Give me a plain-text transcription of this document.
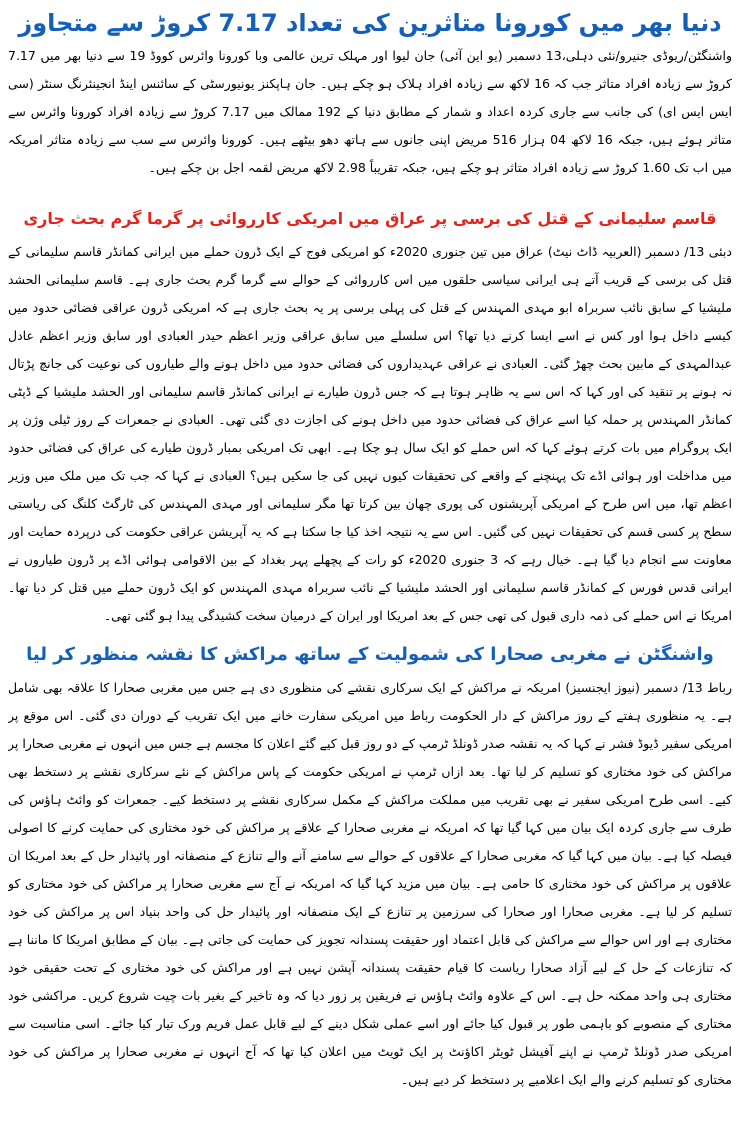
دنیا بھر میں کورونا متاثرین کی تعداد 7.17 کروڑ سے متجاوز

واشنگٹن/ریوڈی جنیرو/نئی دہلی،13 دسمبر (یو این آئی) جان لیوا اور مہلک ترین عالمی وبا کورونا وائرس کووڈ 19 سے دنیا بھر میں 7.17 کروڑ سے زیادہ افراد متاثر جب کہ 16 لاکھ سے زیادہ افراد ہلاک ہو چکے ہیں۔ جان ہاپکنز یونیورسٹی کے سائنس اینڈ انجینئرنگ سنٹر (سی ایس ایس ای) کی جانب سے جاری کردہ اعداد و شمار کے مطابق دنیا کے 192 ممالک میں 7.17 کروڑ سے زیادہ افراد کورونا وائرس سے متاثر ہوئے ہیں، جبکہ 16 لاکھ 04 ہزار 516 مریض اپنی جانوں سے ہاتھ دھو بیٹھے ہیں۔ کورونا وائرس سے سب سے زیادہ متاثر امریکہ میں اب تک 1.60 کروڑ سے زیادہ افراد متاثر ہو چکے ہیں، جبکہ تقریباً 2.98 لاکھ مریض لقمہ اجل بن چکے ہیں۔

قاسم سلیمانی کے قتل کی برسی پر عراق میں امریکی کارروائی پر گرما گرم بحث جاری

دبئی 13/ دسمبر (العربیہ ڈاٹ نیٹ) عراق میں تین جنوری 2020ء کو امریکی فوج کے ایک ڈرون حملے میں ایرانی کمانڈر قاسم سلیمانی کے قتل کی برسی کے قریب آتے ہی ایرانی سیاسی حلقوں میں اس کارروائی کے حوالے سے گرما گرم بحث جاری ہے۔ قاسم سلیمانی الحشد ملیشیا کے سابق نائب سربراہ ابو مہدی المہندس کے قتل کی پہلی برسی پر یہ بحث جاری ہے کہ امریکی ڈرون عراقی فضائی حدود میں کیسے داخل ہوا اور کس نے اسے ایسا کرنے دیا تھا؟ اس سلسلے میں سابق عراقی وزیر اعظم حیدر العبادی اور سابق وزیر اعظم عادل عبدالمہدی کے مابین بحث چھڑ گئی۔ العبادی نے عراقی عہدیداروں کی فضائی حدود میں داخل ہونے والے طیاروں کی نوعیت کی جانچ پڑتال نہ ہونے پر تنقید کی اور کہا کہ اس سے یہ ظاہر ہوتا ہے کہ جس ڈرون طیارے نے ایرانی کمانڈر قاسم سلیمانی اور الحشد ملیشیا کے ڈپٹی کمانڈر المہندس پر حملہ کیا اسے عراق کی فضائی حدود میں داخل ہونے کی اجازت دی گئی تھی۔ العبادی نے جمعرات کے روز ٹیلی وژن پر ایک پروگرام میں بات کرتے ہوئے کہا کہ اس حملے کو ایک سال ہو چکا ہے۔ ابھی تک امریکی بمبار ڈرون طیارے کی عراق کی فضائی حدود میں مداخلت اور ہوائی اڈے تک پہنچنے کے واقعے کی تحقیقات کیوں نہیں کی جا سکیں ہیں؟ العبادی نے کہا کہ جب تک میں ملک میں وزیر اعظم تھا، میں اس طرح کے امریکی آپریشنوں کی پوری چھان بین کرتا تھا مگر سلیمانی اور مہدی المہندس کی ٹارگٹ کلنگ کی ریاستی سطح پر کسی قسم کی تحقیقات نہیں کی گئیں۔ اس سے یہ نتیجہ اخذ کیا جا سکتا ہے کہ یہ آپریشن عراقی حکومت کی درپردہ حمایت اور معاونت سے انجام دیا گیا ہے۔ خیال رہے کہ 3 جنوری 2020ء کو رات کے پچھلے پہر بغداد کے بین الاقوامی ہوائی اڈے پر ڈرون طیاروں نے ایرانی قدس فورس کے کمانڈر قاسم سلیمانی اور الحشد ملیشیا کے نائب سربراہ مہدی المہندس کو ایک ڈرون حملے میں قتل کر دیا تھا۔ امریکا نے اس حملے کی ذمہ داری قبول کی تھی جس کے بعد امریکا اور ایران کے درمیان سخت کشیدگی پیدا ہو گئی تھی۔

واشنگٹن نے مغربی صحارا کی شمولیت کے ساتھ مراکش کا نقشہ منظور کر لیا

رباط 13/ دسمبر (نیوز ایجنسیز) امریکہ نے مراکش کے ایک سرکاری نقشے کی منظوری دی ہے جس میں مغربی صحارا کا علاقہ بھی شامل ہے۔ یہ منظوری ہفتے کے روز مراکش کے دار الحکومت رباط میں امریکی سفارت خانے میں ایک تقریب کے دوران دی گئی۔ اس موقع پر امریکی سفیر ڈیوڈ فشر نے کہا کہ یہ نقشہ صدر ڈونلڈ ٹرمپ کے دو روز قبل کیے گئے اعلان کا مجسم ہے جس میں انہوں نے مغربی صحارا پر مراکش کی خود مختاری کو تسلیم کر لیا تھا۔ بعد ازاں ٹرمپ نے امریکی حکومت کے پاس مراکش کے نئے سرکاری نقشے پر دستخط بھی کیے۔ اسی طرح امریکی سفیر نے بھی تقریب میں مملکت مراکش کے مکمل سرکاری نقشے پر دستخط کیے۔ جمعرات کو وائٹ ہاؤس کی طرف سے جاری کردہ ایک بیان میں کہا گیا تھا کہ امریکہ نے مغربی صحارا کے علاقے پر مراکش کی خود مختاری کی حمایت کرنے کا اصولی فیصلہ کیا ہے۔ بیان میں کہا گیا کہ مغربی صحارا کے علاقوں کے حوالے سے سامنے آنے والے تنازع کے منصفانہ اور پائیدار حل کے بعد امریکا ان علاقوں پر مراکش کی خود مختاری کا حامی ہے۔ بیان میں مزید کہا گیا کہ امریکہ نے آج سے مغربی صحارا پر مراکش کی خود مختاری کو تسلیم کر لیا ہے۔ مغربی صحارا اور صحارا کی سرزمین پر تنازع کے ایک منصفانہ اور پائیدار حل کی واحد بنیاد اس پر مراکش کی خود مختاری ہے اور اس حوالے سے مراکش کی قابل اعتماد اور حقیقت پسندانہ تجویز کی حمایت کی جاتی ہے۔ بیان کے مطابق امریکا کا ماننا ہے کہ تنازعات کے حل کے لیے آزاد صحارا ریاست کا قیام حقیقت پسندانہ آپشن نہیں ہے اور مراکش کی خود مختاری کے تحت حقیقی خود مختاری ہی واحد ممکنہ حل ہے۔ اس کے علاوہ وائٹ ہاؤس نے فریقین پر زور دیا کہ وہ تاخیر کے بغیر بات چیت شروع کریں۔ مراکشی خود مختاری کے منصوبے کو باہمی طور پر قبول کیا جائے اور اسے عملی شکل دینے کے لیے قابل عمل فریم ورک تیار کیا جائے۔ اسی مناسبت سے امریکی صدر ڈونلڈ ٹرمپ نے اپنے آفیشل ٹویٹر اکاؤنٹ پر ایک ٹویٹ میں اعلان کیا تھا کہ آج انہوں نے مغربی صحارا پر مراکش کی خود مختاری کو تسلیم کرنے والے ایک اعلامیے پر دستخط کر دیے ہیں۔
